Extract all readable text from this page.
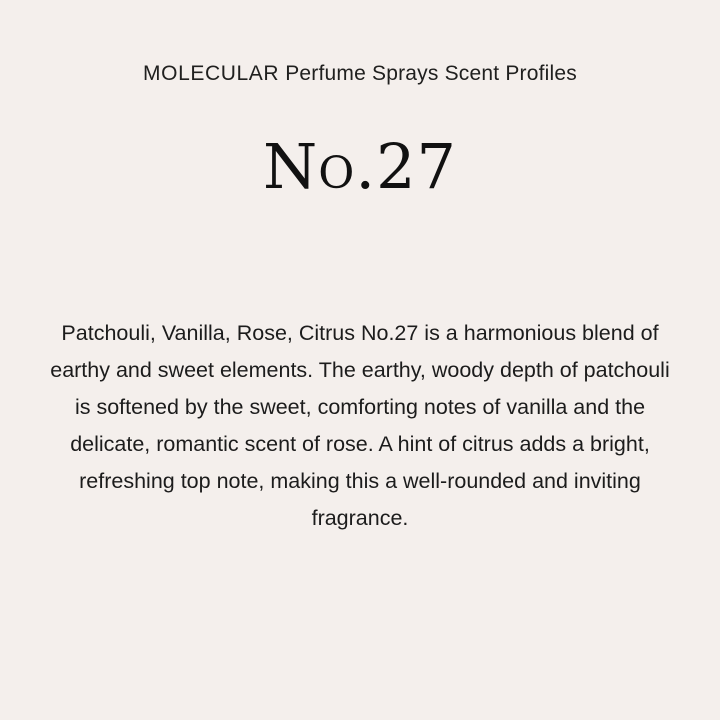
MOLECULAR Perfume Sprays Scent Profiles
NO.27
Patchouli, Vanilla, Rose, Citrus No.27 is a harmonious blend of earthy and sweet elements. The earthy, woody depth of patchouli is softened by the sweet, comforting notes of vanilla and the delicate, romantic scent of rose. A hint of citrus adds a bright, refreshing top note, making this a well-rounded and inviting fragrance.
